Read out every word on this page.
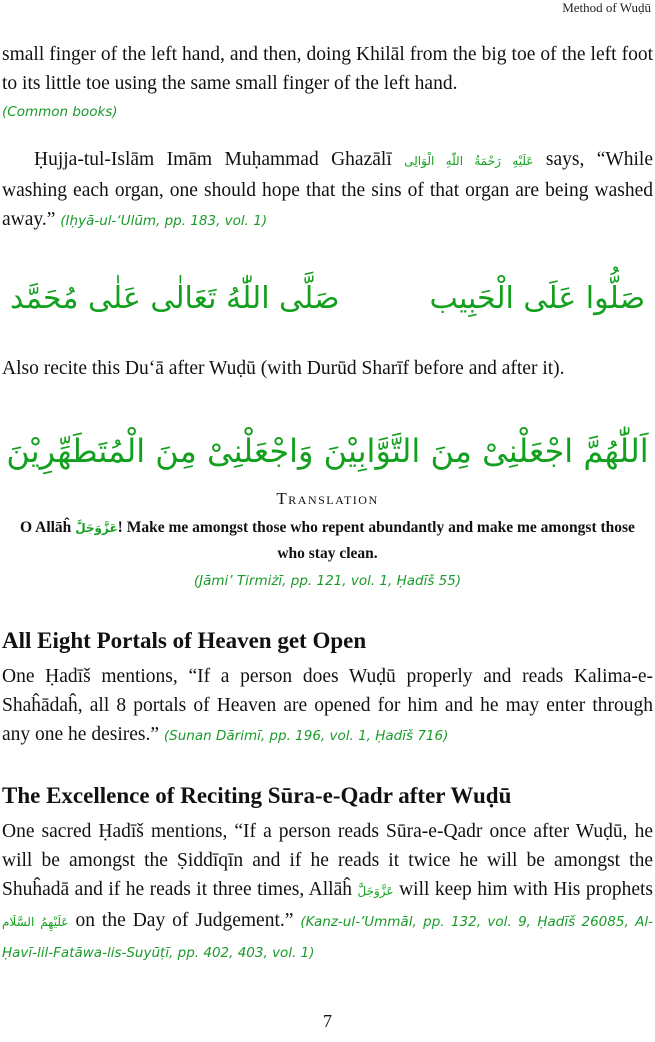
Method of Wuḍū

small finger of the left hand, and then, doing Khilāl from the big toe of the left foot to its little toe using the same small finger of the left hand.

(Common books)

Ḥujja-tul-Islām Imām Muḥammad Ghazālī عَلَيْهِ رَحْمَةُ اللّٰهِ الْوَالِى says, “While washing each organ, one should hope that the sins of that organ are being washed away.” (Iḥyā-ul-‘Ulūm, pp. 183, vol. 1)

صَلَّى اللّٰهُ تَعَالٰى عَلٰى مُحَمَّد	صَلُّوا عَلَى الْحَبِيب

Also recite this Du‘ā after Wuḍū (with Durūd Sharīf before and after it).

اَللّٰهُمَّ اجْعَلْنِىْ مِنَ التَّوَّابِيْنَ وَاجْعَلْنِىْ مِنَ الْمُتَطَهِّرِيْنَ
Translation
O Allāĥ عَزَّوَجَلَّ! Make me amongst those who repent abundantly and make me amongst those who stay clean.
(Jāmi’ Tirmiżī, pp. 121, vol. 1, Ḥadīš 55)
All Eight Portals of Heaven get Open

One Ḥadīš mentions, “If a person does Wuḍū properly and reads Kalima-e-Shaĥādaĥ, all 8 portals of Heaven are opened for him and he may enter through any one he desires.” (Sunan Dārimī, pp. 196, vol. 1, Ḥadīš 716)

The Excellence of Reciting Sūra-e-Qadr after Wuḍū

One sacred Ḥadīš mentions, “If a person reads Sūra-e-Qadr once after Wuḍū, he will be amongst the Ṣiddīqīn and if he reads it twice he will be amongst the Shuĥadā and if he reads it three times, Allāĥ عَزَّوَجَلَّ will keep him with His prophets عَلَيْهِمُ السَّلَام on the Day of Judgement.” (Kanz-ul-’Ummāl, pp. 132, vol. 9, Ḥadīš 26085, Al-Ḥavī-lil-Fatāwa-lis-Suyūṭī, pp. 402, 403, vol. 1)

7
